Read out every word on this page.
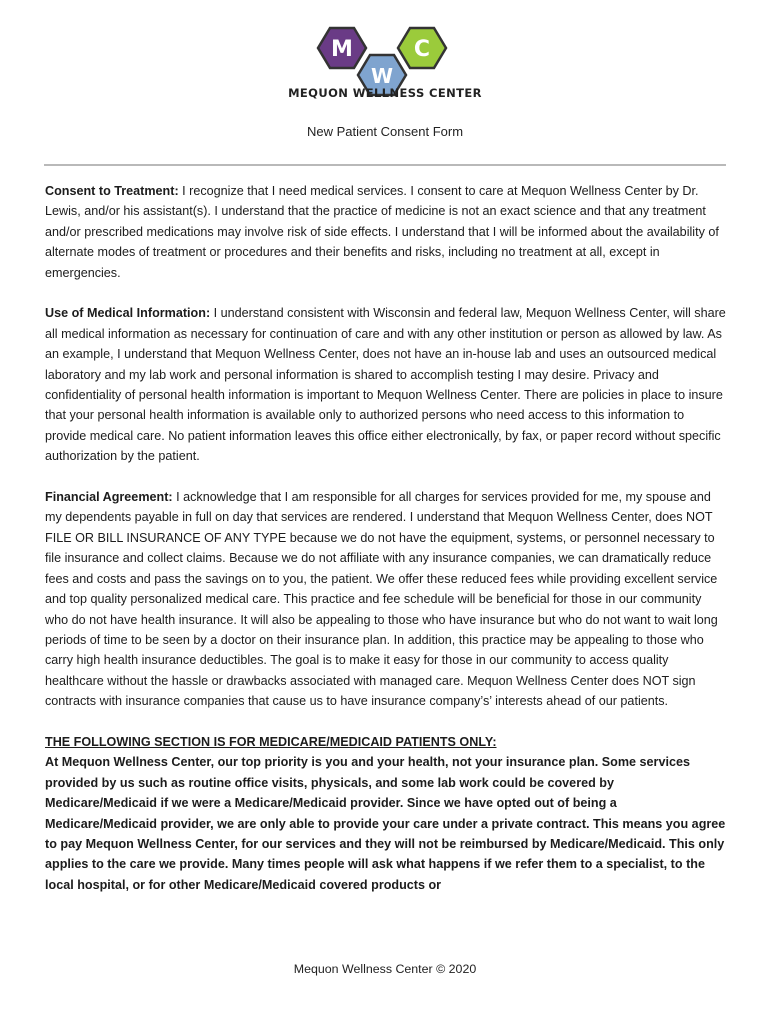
M	C
W
MEQUON WELLNESS CENTER
New Patient Consent Form

Consent to Treatment: I recognize that I need medical services. I consent to care at Mequon Wellness Center by Dr. Lewis, and/or his assistant(s). I understand that the practice of medicine is not an exact science and that any treatment and/or prescribed medications may involve risk of side effects. I understand that I will be informed about the availability of alternate modes of treatment or procedures and their benefits and risks, including no treatment at all, except in emergencies.

Use of Medical Information: I understand consistent with Wisconsin and federal law, Mequon Wellness Center, will share all medical information as necessary for continuation of care and with any other institution or person as allowed by law. As an example, I understand that Mequon Wellness Center, does not have an in-house lab and uses an outsourced medical laboratory and my lab work and personal information is shared to accomplish testing I may desire. Privacy and confidentiality of personal health information is important to Mequon Wellness Center. There are policies in place to insure that your personal health information is available only to authorized persons who need access to this information to provide medical care. No patient information leaves this office either electronically, by fax, or paper record without specific authorization by the patient.

Financial Agreement: I acknowledge that I am responsible for all charges for services provided for me, my spouse and my dependents payable in full on day that services are rendered. I understand that Mequon Wellness Center, does NOT FILE OR BILL INSURANCE OF ANY TYPE because we do not have the equipment, systems, or personnel necessary to file insurance and collect claims. Because we do not affiliate with any insurance companies, we can dramatically reduce fees and costs and pass the savings on to you, the patient. We offer these reduced fees while providing excellent service and top quality personalized medical care. This practice and fee schedule will be beneficial for those in our community who do not have health insurance. It will also be appealing to those who have insurance but who do not want to wait long periods of time to be seen by a doctor on their insurance plan. In addition, this practice may be appealing to those who carry high health insurance deductibles. The goal is to make it easy for those in our community to access quality healthcare without the hassle or drawbacks associated with managed care. Mequon Wellness Center does NOT sign contracts with insurance companies that cause us to have insurance company’s’ interests ahead of our patients.

THE FOLLOWING SECTION IS FOR MEDICARE/MEDICAID PATIENTS ONLY:

At Mequon Wellness Center, our top priority is you and your health, not your insurance plan. Some services provided by us such as routine office visits, physicals, and some lab work could be covered by Medicare/Medicaid if we were a Medicare/Medicaid provider. Since we have opted out of being a Medicare/Medicaid provider, we are only able to provide your care under a private contract. This means you agree to pay Mequon Wellness Center, for our services and they will not be reimbursed by Medicare/Medicaid. This only applies to the care we provide. Many times people will ask what happens if we refer them to a specialist, to the local hospital, or for other Medicare/Medicaid covered products or

Mequon Wellness Center © 2020
